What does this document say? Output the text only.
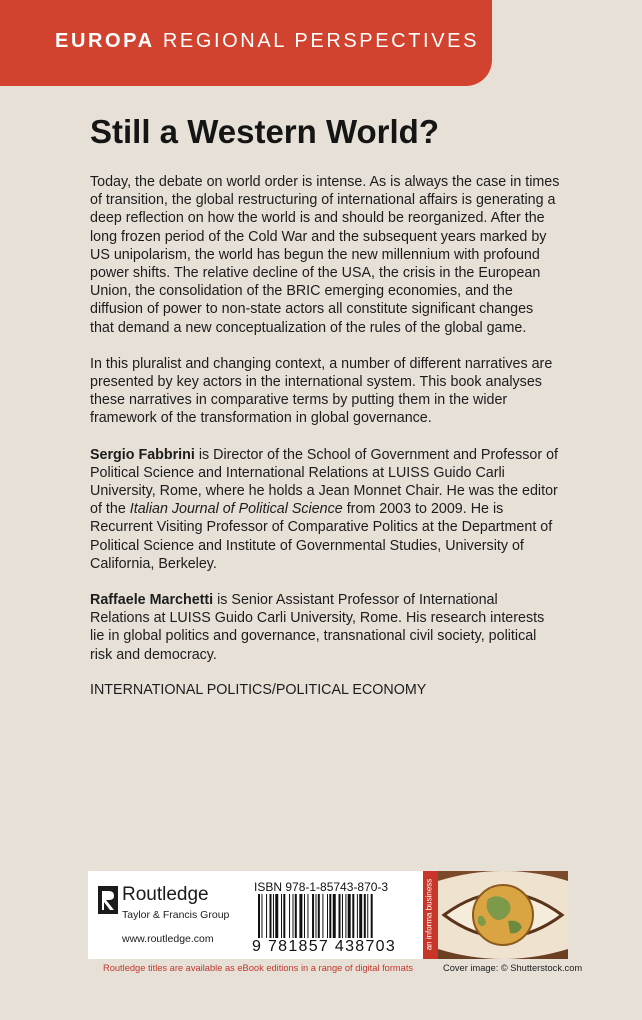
EUROPA REGIONAL PERSPECTIVES
Still a Western World?

Today, the debate on world order is intense. As is always the case in times of transition, the global restructuring of international affairs is generating a deep reflection on how the world is and should be reorganized. After the long frozen period of the Cold War and the subsequent years marked by US unipolarism, the world has begun the new millennium with profound power shifts. The relative decline of the USA, the crisis in the European Union, the consolidation of the BRIC emerging economies, and the diffusion of power to non-state actors all constitute significant changes that demand a new conceptualization of the rules of the global game.

In this pluralist and changing context, a number of different narratives are presented by key actors in the international system. This book analyses these narratives in comparative terms by putting them in the wider framework of the transformation in global governance.

Sergio Fabbrini is Director of the School of Government and Professor of Political Science and International Relations at LUISS Guido Carli University, Rome, where he holds a Jean Monnet Chair. He was the editor of the Italian Journal of Political Science from 2003 to 2009. He is Recurrent Visiting Professor of Comparative Politics at the Department of Political Science and Institute of Governmental Studies, University of California, Berkeley.

Raffaele Marchetti is Senior Assistant Professor of International Relations at LUISS Guido Carli University, Rome. His research interests lie in global politics and governance, transnational civil society, political risk and democracy.

INTERNATIONAL POLITICS/POLITICAL ECONOMY

Routledge
Taylor & Francis Group
www.routledge.com
ISBN 978-1-85743-870-3
9 781857 438703	an informa business
Routledge titles are available as eBook editions in a range of digital formats	Cover image: © Shutterstock.com
